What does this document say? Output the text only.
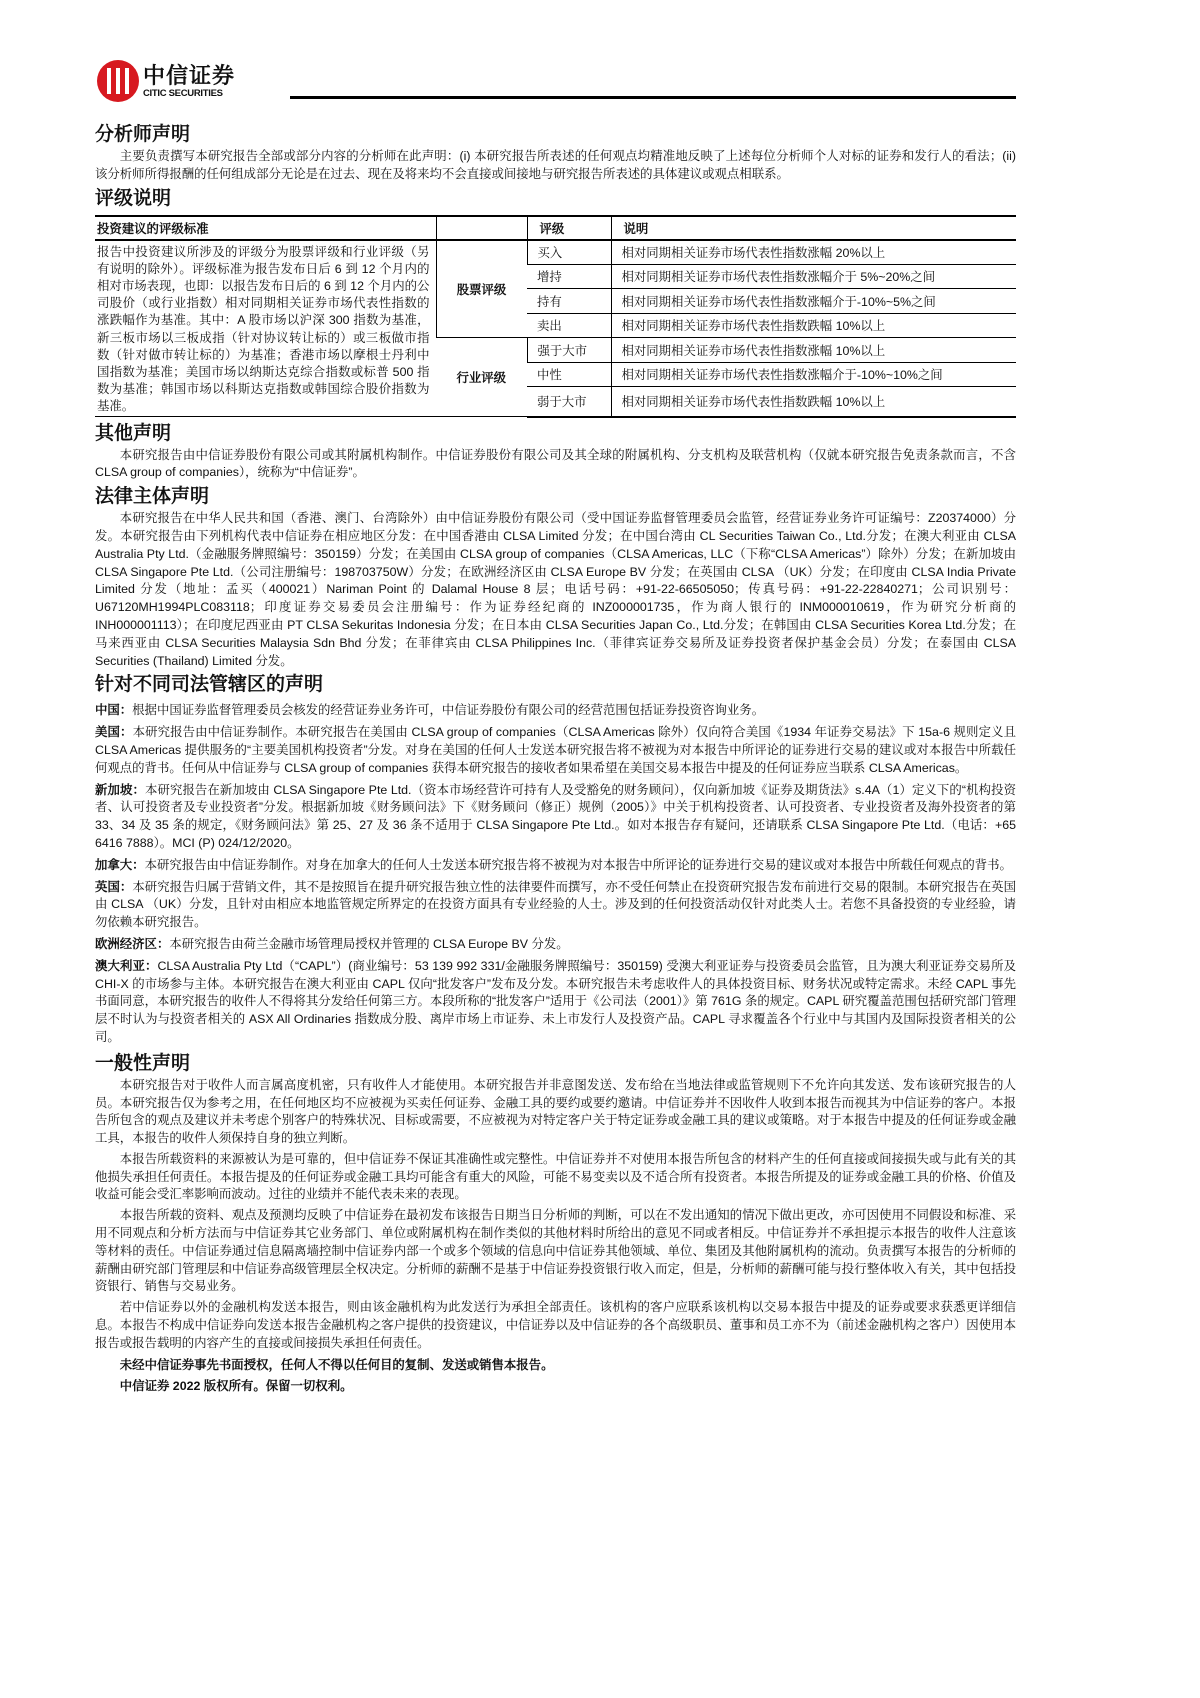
中信证券
CITIC SECURITIES
分析师声明

主要负责撰写本研究报告全部或部分内容的分析师在此声明：(i) 本研究报告所表述的任何观点均精准地反映了上述每位分析师个人对标的证券和发行人的看法；(ii) 该分析师所得报酬的任何组成部分无论是在过去、现在及将来均不会直接或间接地与研究报告所表述的具体建议或观点相联系。

评级说明
投资建议的评级标准		评级	说明
报告中投资建议所涉及的评级分为股票评级和行业评级（另有说明的除外）。评级标准为报告发布日后 6 到 12 个月内的相对市场表现，也即：以报告发布日后的 6 到 12 个月内的公司股价（或行业指数）相对同期相关证券市场代表性指数的涨跌幅作为基准。其中：A 股市场以沪深 300 指数为基准，新三板市场以三板成指（针对协议转让标的）或三板做市指数（针对做市转让标的）为基准；香港市场以摩根士丹利中国指数为基准；美国市场以纳斯达克综合指数或标普 500 指数为基准；韩国市场以科斯达克指数或韩国综合股价指数为基准。	股票评级	买入	相对同期相关证券市场代表性指数涨幅 20%以上
		增持	相对同期相关证券市场代表性指数涨幅介于 5%~20%之间
		持有	相对同期相关证券市场代表性指数涨幅介于-10%~5%之间
		卖出	相对同期相关证券市场代表性指数跌幅 10%以上
	行业评级	强于大市	相对同期相关证券市场代表性指数涨幅 10%以上
		中性	相对同期相关证券市场代表性指数涨幅介于-10%~10%之间
		弱于大市	相对同期相关证券市场代表性指数跌幅 10%以上
其他声明

本研究报告由中信证券股份有限公司或其附属机构制作。中信证券股份有限公司及其全球的附属机构、分支机构及联营机构（仅就本研究报告免责条款而言，不含 CLSA group of companies），统称为“中信证券”。

法律主体声明

本研究报告在中华人民共和国（香港、澳门、台湾除外）由中信证券股份有限公司（受中国证券监督管理委员会监管，经营证券业务许可证编号：Z20374000）分发。本研究报告由下列机构代表中信证券在相应地区分发：在中国香港由 CLSA Limited 分发；在中国台湾由 CL Securities Taiwan Co., Ltd.分发；在澳大利亚由 CLSA Australia Pty Ltd.（金融服务牌照编号：350159）分发；在美国由 CLSA group of companies（CLSA Americas, LLC（下称“CLSA Americas”）除外）分发；在新加坡由 CLSA Singapore Pte Ltd.（公司注册编号：198703750W）分发；在欧洲经济区由 CLSA Europe BV 分发；在英国由 CLSA （UK）分发；在印度由 CLSA India Private Limited 分发（地址：孟买（400021）Nariman Point 的 Dalamal House 8 层；电话号码：+91-22-66505050；传真号码：+91-22-22840271；公司识别号：U67120MH1994PLC083118；印度证券交易委员会注册编号：作为证券经纪商的 INZ000001735，作为商人银行的 INM000010619，作为研究分析商的 INH000001113）；在印度尼西亚由 PT CLSA Sekuritas Indonesia 分发；在日本由 CLSA Securities Japan Co., Ltd.分发；在韩国由 CLSA Securities Korea Ltd.分发；在马来西亚由 CLSA Securities Malaysia Sdn Bhd 分发；在菲律宾由 CLSA Philippines Inc.（菲律宾证券交易所及证券投资者保护基金会员）分发；在泰国由 CLSA Securities (Thailand) Limited 分发。

针对不同司法管辖区的声明

中国：根据中国证券监督管理委员会核发的经营证券业务许可，中信证券股份有限公司的经营范围包括证券投资咨询业务。

美国：本研究报告由中信证券制作。本研究报告在美国由 CLSA group of companies（CLSA Americas 除外）仅向符合美国《1934 年证券交易法》下 15a-6 规则定义且 CLSA Americas 提供服务的“主要美国机构投资者”分发。对身在美国的任何人士发送本研究报告将不被视为对本报告中所评论的证券进行交易的建议或对本报告中所载任何观点的背书。任何从中信证券与 CLSA group of companies 获得本研究报告的接收者如果希望在美国交易本报告中提及的任何证券应当联系 CLSA Americas。

新加坡：本研究报告在新加坡由 CLSA Singapore Pte Ltd.（资本市场经营许可持有人及受豁免的财务顾问），仅向新加坡《证券及期货法》s.4A（1）定义下的“机构投资者、认可投资者及专业投资者”分发。根据新加坡《财务顾问法》下《财务顾问（修正）规例（2005）》中关于机构投资者、认可投资者、专业投资者及海外投资者的第 33、34 及 35 条的规定，《财务顾问法》第 25、27 及 36 条不适用于 CLSA Singapore Pte Ltd.。如对本报告存有疑问，还请联系 CLSA Singapore Pte Ltd.（电话：+65 6416 7888）。MCI (P) 024/12/2020。

加拿大：本研究报告由中信证券制作。对身在加拿大的任何人士发送本研究报告将不被视为对本报告中所评论的证券进行交易的建议或对本报告中所载任何观点的背书。

英国：本研究报告归属于营销文件，其不是按照旨在提升研究报告独立性的法律要件而撰写，亦不受任何禁止在投资研究报告发布前进行交易的限制。本研究报告在英国由 CLSA （UK）分发，且针对由相应本地监管规定所界定的在投资方面具有专业经验的人士。涉及到的任何投资活动仅针对此类人士。若您不具备投资的专业经验，请勿依赖本研究报告。

欧洲经济区：本研究报告由荷兰金融市场管理局授权并管理的 CLSA Europe BV 分发。

澳大利亚：CLSA Australia Pty Ltd（“CAPL”）(商业编号：53 139 992 331/金融服务牌照编号：350159) 受澳大利亚证券与投资委员会监管，且为澳大利亚证券交易所及 CHI-X 的市场参与主体。本研究报告在澳大利亚由 CAPL 仅向“批发客户”发布及分发。本研究报告未考虑收件人的具体投资目标、财务状况或特定需求。未经 CAPL 事先书面同意，本研究报告的收件人不得将其分发给任何第三方。本段所称的“批发客户”适用于《公司法（2001）》第 761G 条的规定。CAPL 研究覆盖范围包括研究部门管理层不时认为与投资者相关的 ASX All Ordinaries 指数成分股、离岸市场上市证券、未上市发行人及投资产品。CAPL 寻求覆盖各个行业中与其国内及国际投资者相关的公司。

一般性声明

本研究报告对于收件人而言属高度机密，只有收件人才能使用。本研究报告并非意图发送、发布给在当地法律或监管规则下不允许向其发送、发布该研究报告的人员。本研究报告仅为参考之用，在任何地区均不应被视为买卖任何证券、金融工具的要约或要约邀请。中信证券并不因收件人收到本报告而视其为中信证券的客户。本报告所包含的观点及建议并未考虑个别客户的特殊状况、目标或需要，不应被视为对特定客户关于特定证券或金融工具的建议或策略。对于本报告中提及的任何证券或金融工具，本报告的收件人须保持自身的独立判断。

本报告所载资料的来源被认为是可靠的，但中信证券不保证其准确性或完整性。中信证券并不对使用本报告所包含的材料产生的任何直接或间接损失或与此有关的其他损失承担任何责任。本报告提及的任何证券或金融工具均可能含有重大的风险，可能不易变卖以及不适合所有投资者。本报告所提及的证券或金融工具的价格、价值及收益可能会受汇率影响而波动。过往的业绩并不能代表未来的表现。

本报告所载的资料、观点及预测均反映了中信证券在最初发布该报告日期当日分析师的判断，可以在不发出通知的情况下做出更改，亦可因使用不同假设和标准、采用不同观点和分析方法而与中信证券其它业务部门、单位或附属机构在制作类似的其他材料时所给出的意见不同或者相反。中信证券并不承担提示本报告的收件人注意该等材料的责任。中信证券通过信息隔离墙控制中信证券内部一个或多个领域的信息向中信证券其他领域、单位、集团及其他附属机构的流动。负责撰写本报告的分析师的薪酬由研究部门管理层和中信证券高级管理层全权决定。分析师的薪酬不是基于中信证券投资银行收入而定，但是，分析师的薪酬可能与投行整体收入有关，其中包括投资银行、销售与交易业务。

若中信证券以外的金融机构发送本报告，则由该金融机构为此发送行为承担全部责任。该机构的客户应联系该机构以交易本报告中提及的证券或要求获悉更详细信息。本报告不构成中信证券向发送本报告金融机构之客户提供的投资建议，中信证券以及中信证券的各个高级职员、董事和员工亦不为（前述金融机构之客户）因使用本报告或报告载明的内容产生的直接或间接损失承担任何责任。

未经中信证券事先书面授权，任何人不得以任何目的复制、发送或销售本报告。

中信证券 2022 版权所有。保留一切权利。
